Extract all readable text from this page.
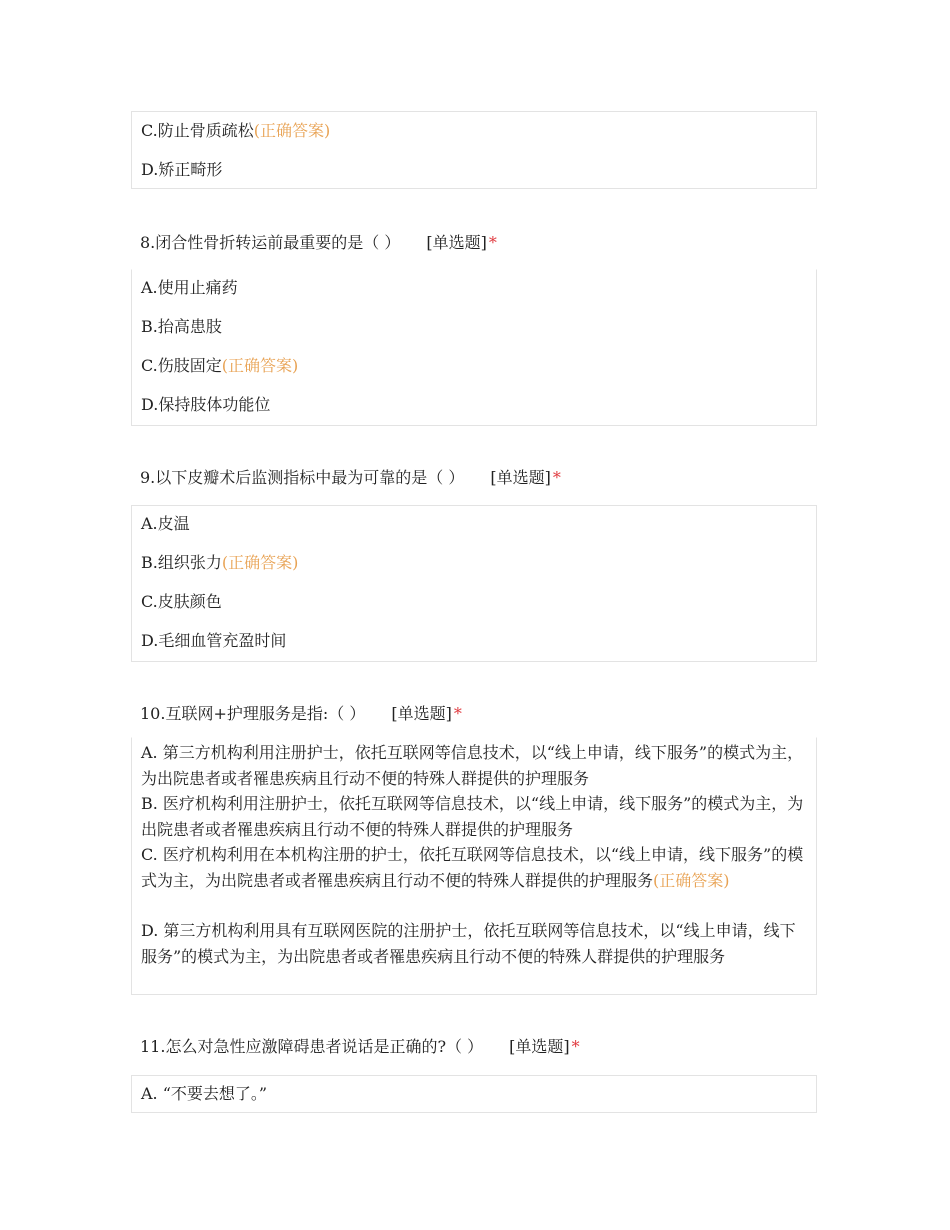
C.防止骨质疏松(正确答案)
D.矫正畸形
8.闭合性骨折转运前最重要的是（ ） [单选题] *
A.使用止痛药
B.抬高患肢
C.伤肢固定(正确答案)
D.保持肢体功能位
9.以下皮瓣术后监测指标中最为可靠的是（ ） [单选题] *
A.皮温
B.组织张力(正确答案)
C.皮肤颜色
D.毛细血管充盈时间
10.互联网+护理服务是指:（ ） [单选题] *
A. 第三方机构利用注册护士，依托互联网等信息技术，以“线上申请，线下服务”的模式为主，为出院患者或者罹患疾病且行动不便的特殊人群提供的护理服务
B. 医疗机构利用注册护士，依托互联网等信息技术，以“线上申请，线下服务”的模式为主，为出院患者或者罹患疾病且行动不便的特殊人群提供的护理服务
C. 医疗机构利用在本机构注册的护士，依托互联网等信息技术，以“线上申请，线下服务”的模式为主，为出院患者或者罹患疾病且行动不便的特殊人群提供的护理服务(正确答案)
D. 第三方机构利用具有互联网医院的注册护士，依托互联网等信息技术，以“线上申请，线下服务”的模式为主，为出院患者或者罹患疾病且行动不便的特殊人群提供的护理服务
11.怎么对急性应激障碍患者说话是正确的?（ ） [单选题] *
A. “不要去想了。”
